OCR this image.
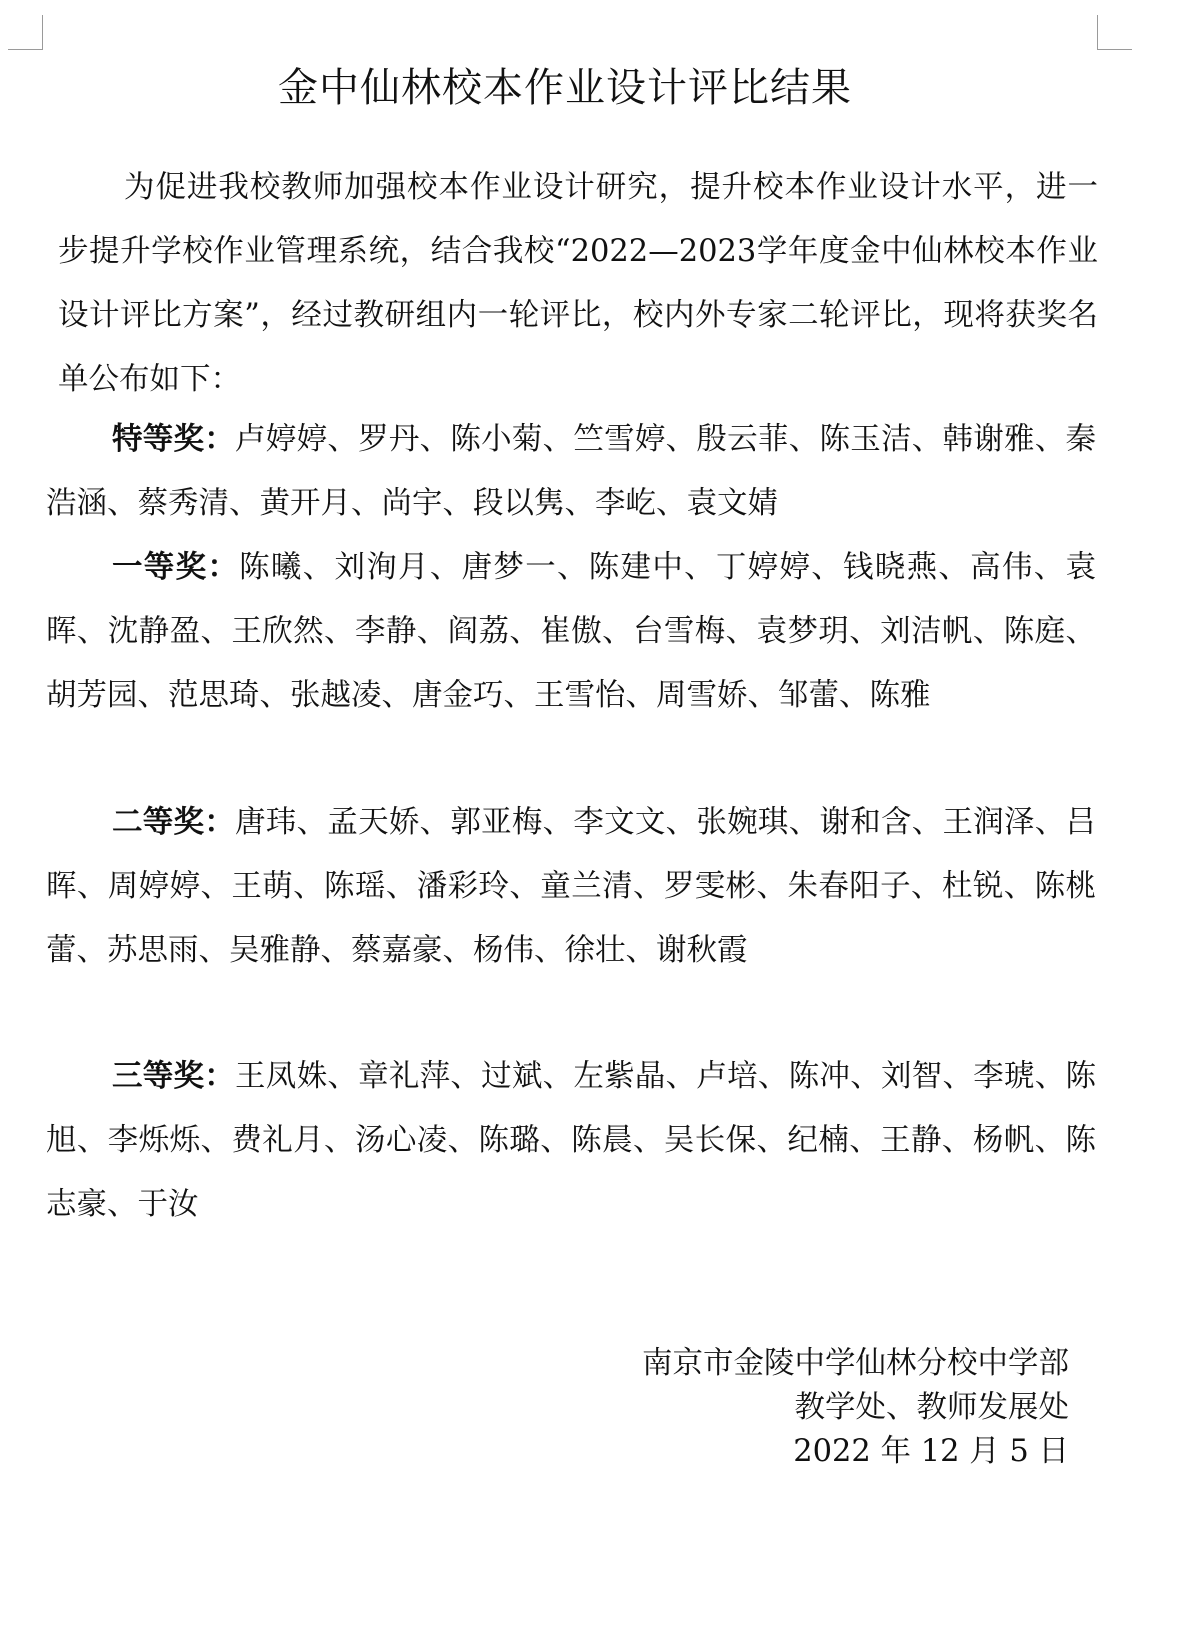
金中仙林校本作业设计评比结果

为促进我校教师加强校本作业设计研究，提升校本作业设计水平，进一步提升学校作业管理系统，结合我校“2022—2023学年度金中仙林校本作业设计评比方案”，经过教研组内一轮评比，校内外专家二轮评比，现将获奖名单公布如下：

特等奖：卢婷婷、罗丹、陈小菊、竺雪婷、殷云菲、陈玉洁、韩谢雅、秦浩涵、蔡秀清、黄开月、尚宇、段以隽、李屹、袁文婧

一等奖：陈曦、刘洵月、唐梦一、陈建中、丁婷婷、钱晓燕、高伟、袁晖、沈静盈、王欣然、李静、阎荔、崔傲、台雪梅、袁梦玥、刘洁帆、陈庭、胡芳园、范思琦、张越凌、唐金巧、王雪怡、周雪娇、邹蕾、陈雅

二等奖：唐玮、孟天娇、郭亚梅、李文文、张婉琪、谢和含、王润泽、吕晖、周婷婷、王萌、陈瑶、潘彩玲、童兰清、罗雯彬、朱春阳子、杜锐、陈桃蕾、苏思雨、吴雅静、蔡嘉豪、杨伟、徐壮、谢秋霞

三等奖：王凤姝、章礼萍、过斌、左紫晶、卢培、陈冲、刘智、李琥、陈旭、李烁烁、费礼月、汤心凌、陈璐、陈晨、吴长保、纪楠、王静、杨帆、陈志豪、于汝

南京市金陵中学仙林分校中学部
教学处、教师发展处
2022 年 12 月 5 日
